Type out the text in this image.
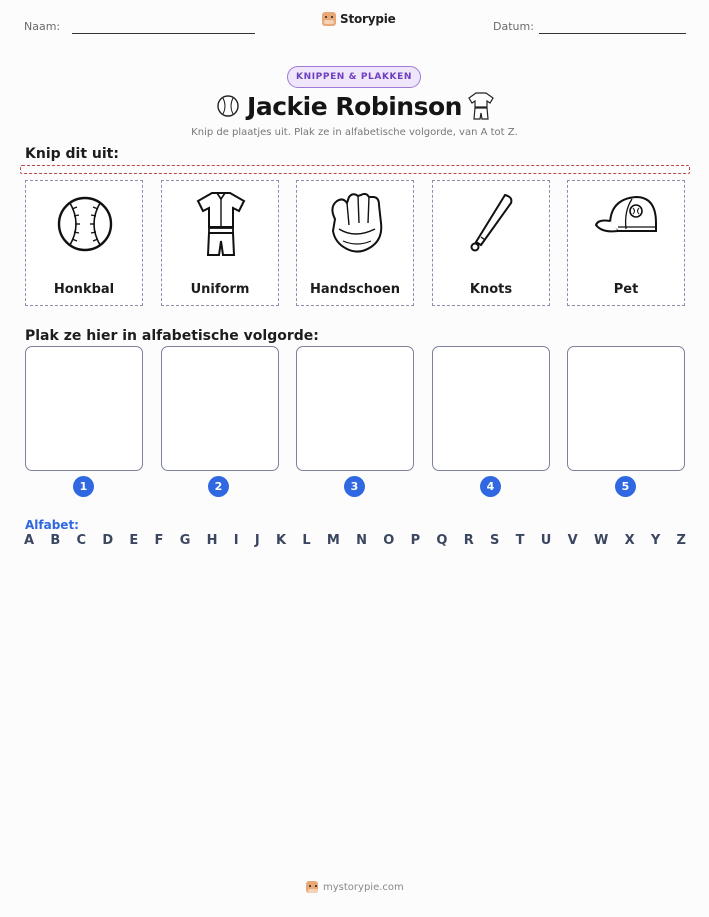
Naam:
Storypie
Datum:
KNIPPEN & PLAKKEN
Jackie Robinson
Knip de plaatjes uit. Plak ze in alfabetische volgorde, van A tot Z.
Knip dit uit:
Honkbal	Uniform	Handschoen	Knots	Pet
Plak ze hier in alfabetische volgorde:
1	2	3	4	5
Alfabet:
A B C D E F G H I J K L M N O P Q R S T U V W X Y Z
mystorypie.com
